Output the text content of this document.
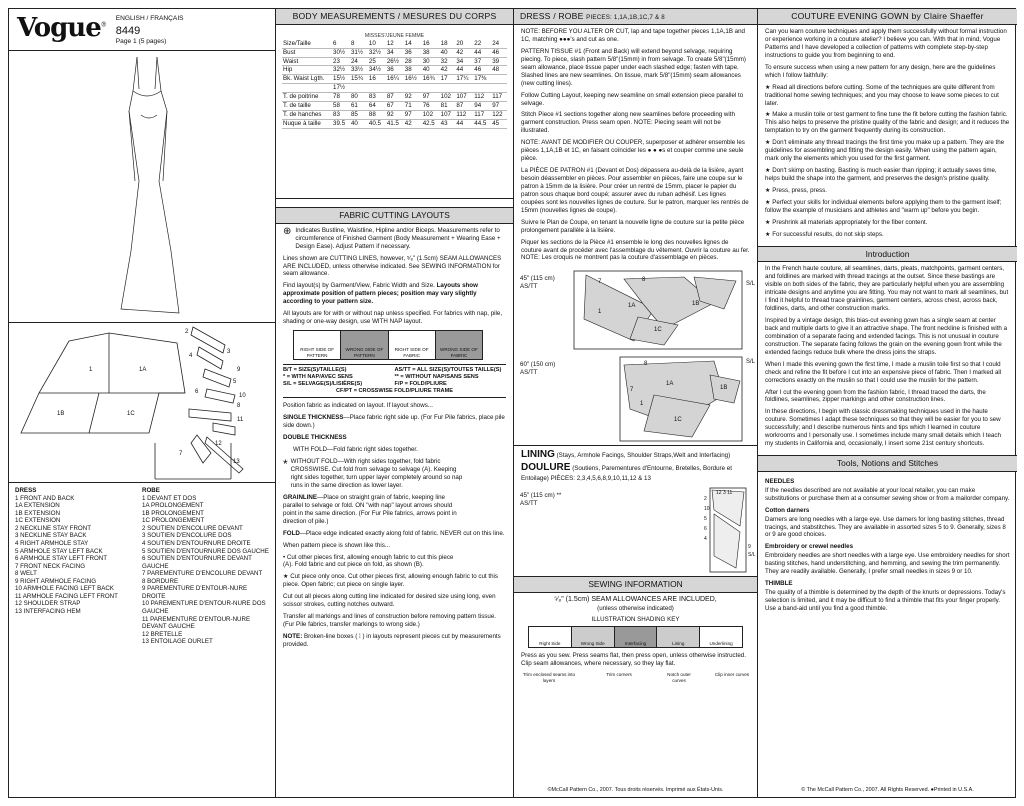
Vogue®
ENGLISH / FRANÇAIS
8449
Page 1 (5 pages)
1	1A
1B	1C
2
3
4
5
6
7
8
9
10
11
12
13
DRESS
1 FRONT AND BACK
1A EXTENSION
1B EXTENSION
1C EXTENSION
2 NECKLINE STAY FRONT
3 NECKLINE STAY BACK
4 RIGHT ARMHOLE STAY
5 ARMHOLE STAY LEFT BACK
6 ARMHOLE STAY LEFT FRONT
7 FRONT NECK FACING
8 WELT
9 RIGHT ARMHOLE FACING
10 ARMHOLE FACING LEFT BACK
11 ARMHOLE FACING LEFT FRONT
12 SHOULDER STRAP
13 INTERFACING HEM
ROBE
1 DEVANT ET DOS
1A PROLONGEMENT
1B PROLONGEMENT
1C PROLONGEMENT
2 SOUTIEN D'ENCOLURE DEVANT
3 SOUTIEN D'ENCOLURE DOS
4 SOUTIEN D'ENTOURNURE DROITE
5 SOUTIEN D'ENTOURNURE DOS GAUCHE
6 SOUTIEN D'ENTOURNURE DEVANT GAUCHE
7 PAREMENTURE D'ENCOLURE DEVANT
8 BORDURE
9 PAREMENTURE D'ENTOUR-NURE DROITE
10 PAREMENTURE D'ENTOUR-NURE DOS GAUCHE
11 PAREMENTURE D'ENTOUR-NURE DEVANT GAUCHE
12 BRETELLE
13 ENTOILAGE OURLET
BODY MEASUREMENTS / MESURES DU CORPS
MISSES'/JEUNE FEMME
Size/Taille	6	8	10	12	14	16	18	20	22	24
Bust	30½	31½	32½	34	36	38	40	42	44	46
Waist	23	24	25	26½	28	30	32	34	37	39
Hip	32½	33½	34½	36	38	40	42	44	46	48
Bk. Waist Lgth.	15½	15¾	16	16¼	16½	16¾	17	17¼	17⅜	
	17½									
T. de poitrine	78	80	83	87	92	97	102	107	112	117
T. de taille	58	61	64	67	71	76	81	87	94	97
T. de hanches	83	85	88	92	97	102	107	112	117	122
Nuque à taille	39.5	40	40.5	41.5	42	42.5	43	44	44.5	45
FABRIC CUTTING LAYOUTS

⊕ Indicates Bustline, Waistline, Hipline and/or Biceps. Measurements refer to circumference of Finished Garment (Body Measurement + Wearing Ease + Design Ease). Adjust Pattern if necessary.

Lines shown are CUTTING LINES, however, ⁵⁄₈" (1.5cm) SEAM ALLOWANCES ARE INCLUDED, unless otherwise indicated. See SEWING INFORMATION for seam allowance.

Find layout(s) by Garment/View, Fabric Width and Size. Layouts show approximate position of pattern pieces; position may vary slightly according to your pattern size.

All layouts are for with or without nap unless specified. For fabrics with nap, pile, shading or one-way design, use WITH NAP layout.

RIGHT SIDE OF PATTERN
WRONG SIDE OF PATTERN
RIGHT SIDE OF FABRIC
WRONG SIDE OF FABRIC
B/T = SIZE(S)/TAILLE(S)	AS/TT = ALL SIZE(S)/TOUTES TAILLE(S)
* = WITH NAP/AVEC SENS	** = WITHOUT NAP/SANS SENS
S/L = SELVAGE(S)/LISIÈRE(S)	F/P = FOLD/PLIURE
CF/PT = CROSSWISE FOLD/PLIURE TRAME

Position fabric as indicated on layout. If layout shows...

SINGLE THICKNESS—Place fabric right side up. (For Fur Pile fabrics, place pile side down.)

DOUBLE THICKNESS

WITH FOLD—Fold fabric right sides together.

* WITHOUT FOLD—With right sides together, fold fabric CROSSWISE. Cut fold from selvage to selvage (A). Keeping right sides together, turn upper layer completely around so nap runs in the same direction as lower layer.

GRAINLINE—Place on straight grain of fabric, keeping line parallel to selvage or fold. ON "with nap" layout arrows should point in the same direction. (For Fur Pile fabrics, arrows point in direction of pile.)

FOLD—Place edge indicated exactly along fold of fabric. NEVER cut on this line.

When pattern piece is shown like this...

• Cut other pieces first, allowing enough fabric to cut this piece (A). Fold fabric and cut piece on fold, as shown (B).

★ Cut piece only once. Cut other pieces first, allowing enough fabric to cut this piece. Open fabric; cut piece on single layer.

Cut out all pieces along cutting line indicated for desired size using long, even scissor strokes, cutting notches outward.

Transfer all markings and lines of construction before removing pattern tissue. (Fur Pile fabrics, transfer markings to wrong side.)

NOTE: Broken-line boxes ( ⁞ ) in layouts represent pieces cut by measurements provided.

DRESS / ROBE PIECES: 1,1A,1B,1C,7 & 8

NOTE: BEFORE YOU ALTER OR CUT, lap and tape together pieces 1,1A,1B and 1C, matching ●●●'s and cut as one.

PATTERN TISSUE #1 (Front and Back) will extend beyond selvage, requiring piecing. To piece, slash pattern 5/8"(15mm) in from selvage. To create 5/8"(15mm) seam allowance, place tissue paper under each slashed edge; fasten with tape. Slashed lines are new seamlines. On tissue, mark 5/8"(15mm) seam allowances (new cutting lines).

Follow Cutting Layout, keeping new seamline on small extension piece parallel to selvage.

Stitch Piece #1 sections together along new seamlines before proceeding with garment construction. Press seam open. NOTE: Piecing seam will not be illustrated.

NOTE: AVANT DE MODIFIER OU COUPER, superposer et adhérer ensemble les pièces 1,1A,1B et 1C, en faisant coïncider les ● ● ●s et couper comme une seule pièce.

La PIÈCE DE PATRON #1 (Devant et Dos) dépassera au-delà de la lisière, ayant besoin déassembler en pièces. Pour assembler en pièces, faire une coupe sur le patron à 15mm de la lisière. Pour créer un rentré de 15mm, placer le papier du patron sous chaque bord coupé; assurer avec du ruban adhésif. Les lignes coupées sont les nouvelles lignes de couture. Sur le patron, marquer les rentrés de 15mm (nouvelles lignes de coupe).

Suivre le Plan de Coupe, en tenant la nouvelle ligne de couture sur la petite pièce prolongement parallèle à la lisière.

Piquer les sections de la Pièce #1 ensemble le long des nouvelles lignes de couture avant de procéder avec l'assemblage du vêtement. Ouvrir la couture au fer. NOTE: Les croquis ne montrent pas la couture d'assemblage en pièces.

45" (115 cm)
AS/TT
7	8
1A
1
1B
1C
S/L
60" (150 cm)
AS/TT
7
8
1A
1
1B
1C
S/L
LINING (Stays, Armhole Facings, Shoulder Straps,Welt and Interfacing) DOULURE (Soutiens, Parementures d'Entourne, Bretelles, Bordure et Entoilage) PIÈCES: 2,3,4,5,6,8,9,10,11,12 & 13
45" (115 cm) **
AS/TT
2
10
5
6
4
9
S/L
12 3 11
SEWING INFORMATION
⁵⁄₈" (1.5cm) SEAM ALLOWANCES ARE INCLUDED,
(unless otherwise indicated)
ILLUSTRATION SHADING KEY
Right Side	Wrong Side	Interfacing	Lining	Underlining

Press as you sew. Press seams flat, then press open, unless otherwise instructed. Clip seam allowances, where necessary, so they lay flat.

Trim enclosed seams into layers
Trim corners	Notch outer curves
Clip inner curves
©McCall Pattern Co., 2007. Tous droits réservés. Imprimé aux États-Unis.
COUTURE EVENING GOWN by Claire Shaeffer

Can you learn couture techniques and apply them successfully without formal instruction or experience working in a couture atelier? I believe you can. With that in mind, Vogue Patterns and I have developed a collection of patterns with complete step-by-step instructions to guide you from beginning to end.

To ensure success when using a new pattern for any design, here are the guidelines which I follow faithfully:

★ Read all directions before cutting. Some of the techniques are quite different from traditional home sewing techniques; and you may choose to leave some pieces to cut later.

★ Make a muslin toile or test garment to fine tune the fit before cutting the fashion fabric. This also helps to preserve the pristine quality of the fabric and design; and it reduces the temptation to try on the garment frequently during its construction.

★ Don't eliminate any thread tracings the first time you make up a pattern. They are the guidelines for assembling and fitting the design easily. When using the pattern again, mark only the elements which you used for the first garment.

★ Don't skimp on basting. Basting is much easier than ripping; it actually saves time, helps build the shape into the garment, and preserves the design's pristine quality.

★ Press, press, press.

★ Perfect your skills for individual elements before applying them to the garment itself; follow the example of musicians and athletes and "warm up" before you begin.

★ Preshrink all materials appropriately for the fiber content.

★ For successful results, do not skip steps.

Introduction

In the French haute couture, all seamlines, darts, pleats, matchpoints, garment centers, and foldlines are marked with thread tracings at the outset. Since these bastings are visible on both sides of the fabric, they are particularly helpful when you are assembling intricate designs and anytime you are fitting. You may not want to mark all seamlines, but I find it helpful to thread trace grainlines, garment centers, across chest, across back, foldlines, darts, and other construction marks.

Inspired by a vintage design, this bias-cut evening gown has a single seam at center back and multiple darts to give it an attractive shape. The front neckline is finished with a combination of a separate facing and extended facings. This is not unusual in couture construction. The separate facing follows the grain on the evening gown front while the extended facings reduce bulk where the dress joins the straps.

When I made this evening gown the first time, I made a muslin toile first so that I could check and refine the fit before I cut into an expensive piece of fabric. Then I marked all corrections exactly on the muslin so that I could use the muslin for the pattern.

After I cut the evening gown from the fashion fabric, I thread traced the darts, the foldlines, seamlines, zipper markings and other construction lines.

In these directions, I begin with classic dressmaking techniques used in the haute couture. Sometimes I adapt these techniques so that they will be easier for you to sew successfully; and I describe numerous hints and tips which I learned in couture workrooms and I personally use. I sometimes include many small details which I teach my students in California and, occasionally, I insert some 21st century shortcuts.

Tools, Notions and Stitches
NEEDLES

If the needles described are not available at your local retailer, you can make substitutions or purchase them at a consumer sewing show or from a mailorder company.

Cotton darners

Darners are long needles with a large eye. Use darners for long basting stitches, thread tracings, and stabstitches. They are available in assorted sizes 5 to 9. Generally, sizes 8 or 9 are good choices.

Embroidery or crewel needles

Embroidery needles are short needles with a large eye. Use embroidery needles for short basting stitches, hand understitching, and hemming, and sewing the trim permanently. They are readily available. Generally, I prefer small needles in sizes 9 or 10.

THIMBLE

The quality of a thimble is determined by the depth of the knurls or depressions. Today's selection is limited, and it may be difficult to find a thimble that fits your finger properly. Use a band-aid until you find a good thimble.

© The McCall Pattern Co., 2007. All Rights Reserved. ●Printed in U.S.A.
